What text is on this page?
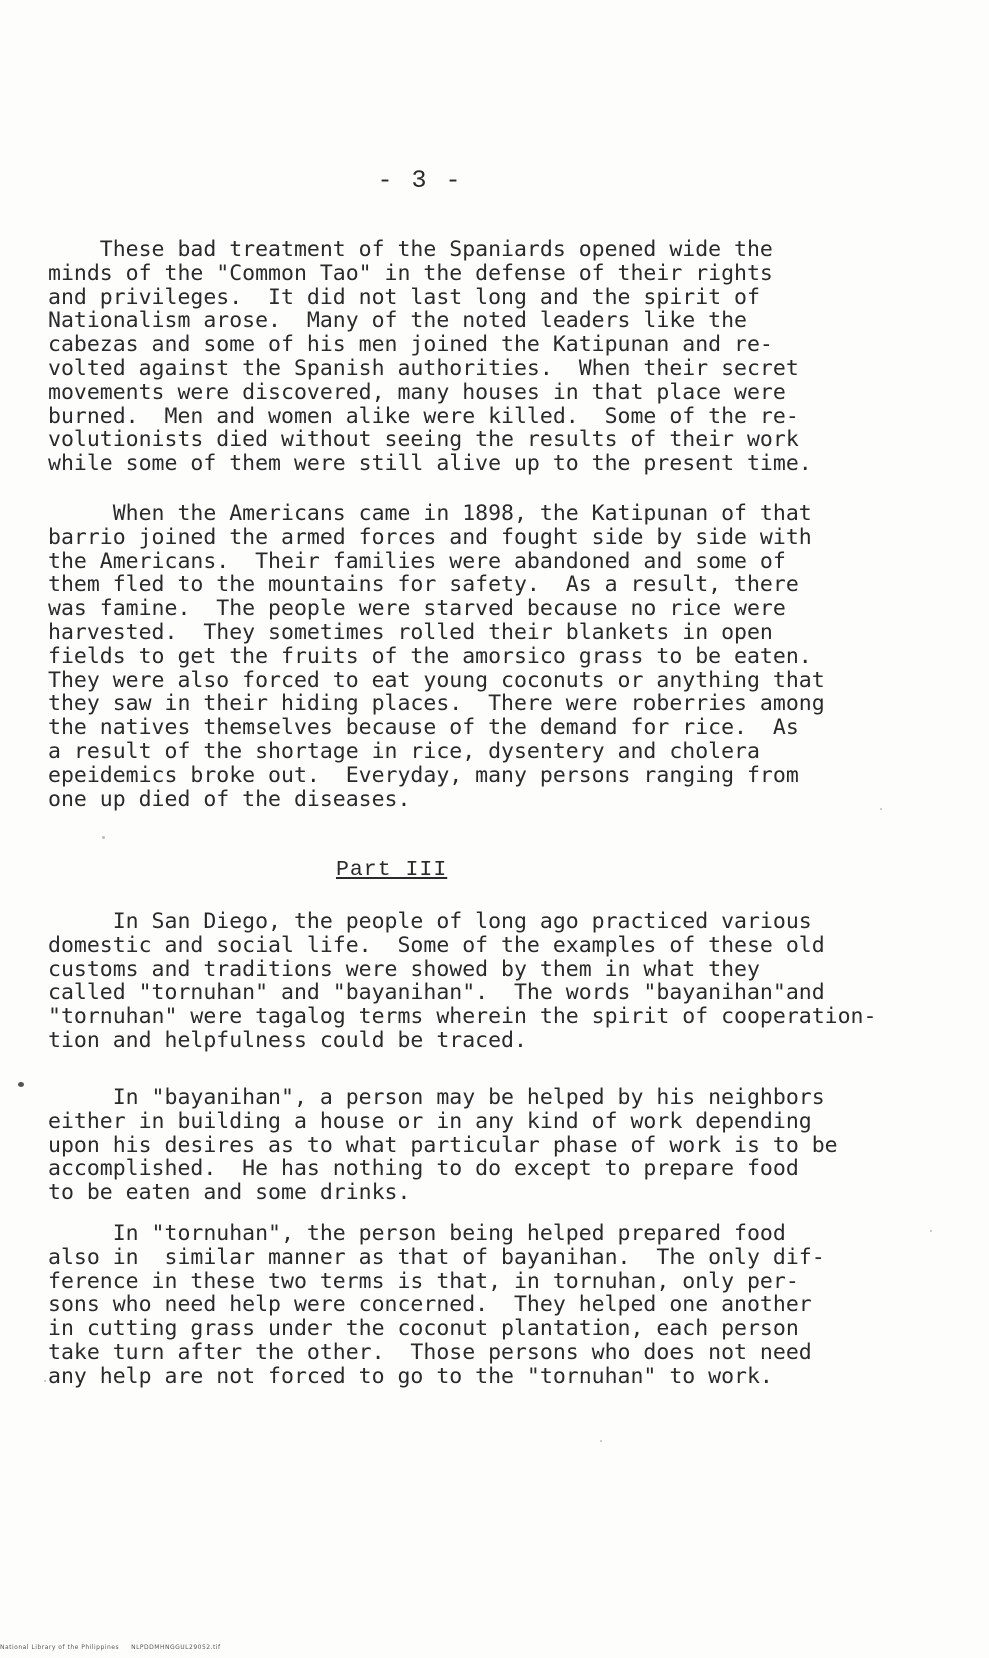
- 3 -
These bad treatment of the Spaniards opened wide the
minds of the "Common Tao" in the defense of their rights
and privileges.  It did not last long and the spirit of
Nationalism arose.  Many of the noted leaders like the
cabezas and some of his men joined the Katipunan and re-
volted against the Spanish authorities.  When their secret
movements were discovered, many houses in that place were
burned.  Men and women alike were killed.  Some of the re-
volutionists died without seeing the results of their work
while some of them were still alive up to the present time.
When the Americans came in 1898, the Katipunan of that
barrio joined the armed forces and fought side by side with
the Americans.  Their families were abandoned and some of
them fled to the mountains for safety.  As a result, there
was famine.  The people were starved because no rice were
harvested.  They sometimes rolled their blankets in open
fields to get the fruits of the amorsico grass to be eaten.
They were also forced to eat young coconuts or anything that
they saw in their hiding places.  There were roberries among
the natives themselves because of the demand for rice.  As
a result of the shortage in rice, dysentery and cholera
epeidemics broke out.  Everyday, many persons ranging from
one up died of the diseases.
Part III
In San Diego, the people of long ago practiced various
domestic and social life.  Some of the examples of these old
customs and traditions were showed by them in what they
called "tornuhan" and "bayanihan".  The words "bayanihan"and
"tornuhan" were tagalog terms wherein the spirit of cooperation-
tion and helpfulness could be traced.
In "bayanihan", a person may be helped by his neighbors
either in building a house or in any kind of work depending
upon his desires as to what particular phase of work is to be
accomplished.  He has nothing to do except to prepare food
to be eaten and some drinks.
In "tornuhan", the person being helped prepared food
also in  similar manner as that of bayanihan.  The only dif-
ference in these two terms is that, in tornuhan, only per-
sons who need help were concerned.  They helped one another
in cutting grass under the coconut plantation, each person
take turn after the other.  Those persons who does not need
any help are not forced to go to the "tornuhan" to work.
National Library of the Philippines     NLPDDMHNGGUL29052.tif
